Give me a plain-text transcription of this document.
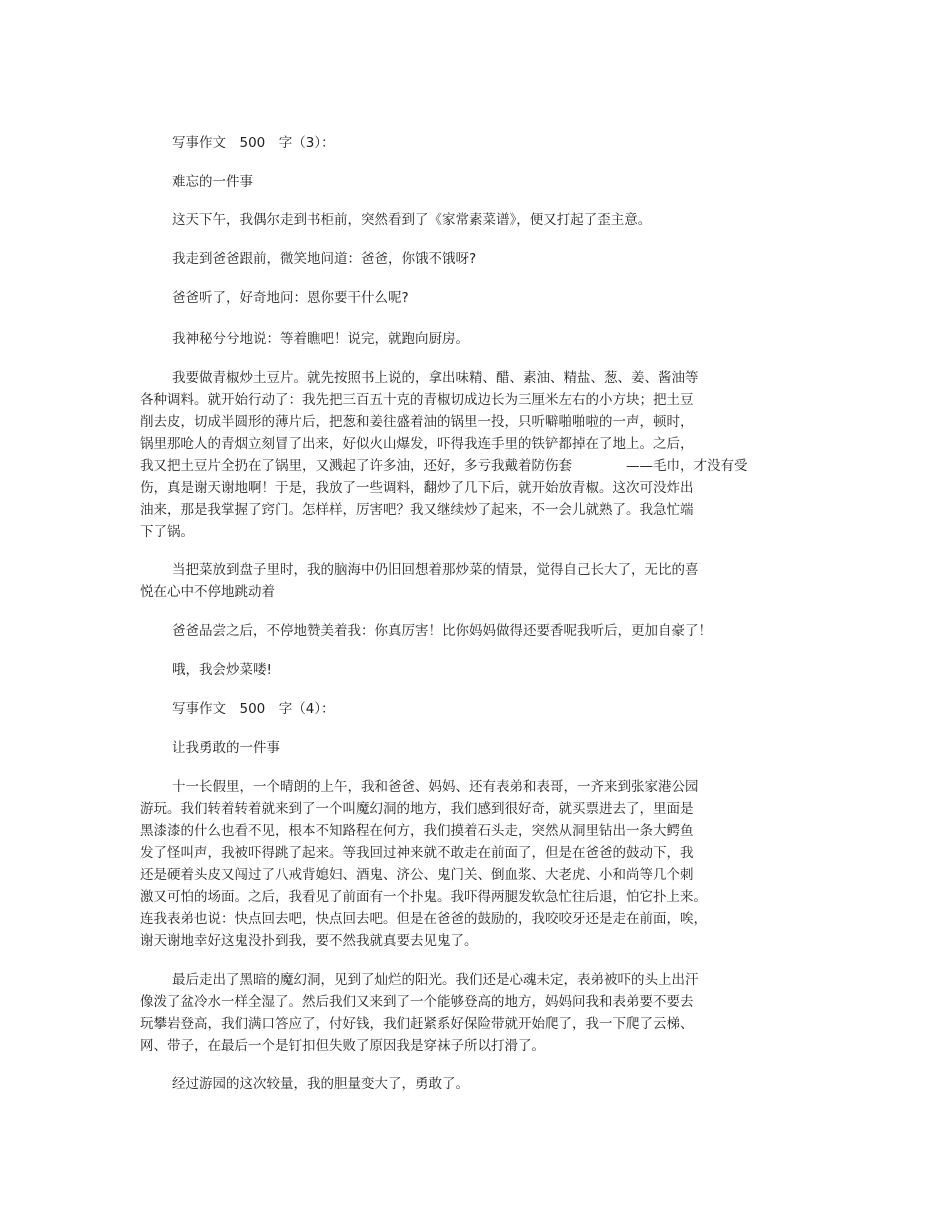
写事作文　500　字（3）：
难忘的一件事
这天下午，我偶尔走到书柜前，突然看到了《家常素菜谱》，便又打起了歪主意。
我走到爸爸跟前，微笑地问道：爸爸，你饿不饿呀?
爸爸听了，好奇地问：恩你要干什么呢?
我神秘兮兮地说：等着瞧吧！说完，就跑向厨房。
我要做青椒炒土豆片。就先按照书上说的，拿出味精、醋、素油、精盐、葱、姜、酱油等
各种调料。就开始行动了：我先把三百五十克的青椒切成边长为三厘米左右的小方块；把土豆
削去皮，切成半圆形的薄片后，把葱和姜往盛着油的锅里一投，只听噼啪啪啦的一声，顿时，
锅里那呛人的青烟立刻冒了出来，好似火山爆发，吓得我连手里的铁铲都掉在了地上。之后，
我又把土豆片全扔在了锅里，又溅起了许多油，还好，多亏我戴着防伤套　　　　——毛巾，才没有受
伤，真是谢天谢地啊！于是，我放了一些调料，翻炒了几下后，就开始放青椒。这次可没炸出
油来，那是我掌握了窍门。怎样样，厉害吧？我又继续炒了起来，不一会儿就熟了。我急忙端
下了锅。
当把菜放到盘子里时，我的脑海中仍旧回想着那炒菜的情景，觉得自己长大了，无比的喜
悦在心中不停地跳动着
爸爸品尝之后，不停地赞美着我：你真厉害！比你妈妈做得还要香呢我听后，更加自豪了！
哦，我会炒菜喽!
写事作文　500　字（4）：
让我勇敢的一件事
十一长假里，一个晴朗的上午，我和爸爸、妈妈、还有表弟和表哥，一齐来到张家港公园
游玩。我们转着转着就来到了一个叫魔幻洞的地方，我们感到很好奇，就买票进去了，里面是
黑漆漆的什么也看不见，根本不知路程在何方，我们摸着石头走，突然从洞里钻出一条大鳄鱼
发了怪叫声，我被吓得跳了起来。等我回过神来就不敢走在前面了，但是在爸爸的鼓动下，我
还是硬着头皮又闯过了八戒背媳妇、酒鬼、济公、鬼门关、倒血浆、大老虎、小和尚等几个刺
激又可怕的场面。之后，我看见了前面有一个扑鬼。我吓得两腿发软急忙往后退，怕它扑上来。
连我表弟也说：快点回去吧，快点回去吧。但是在爸爸的鼓励的，我咬咬牙还是走在前面，唉，
谢天谢地幸好这鬼没扑到我，要不然我就真要去见鬼了。
最后走出了黑暗的魔幻洞，见到了灿烂的阳光。我们还是心魂未定，表弟被吓的头上出汗
像泼了盆冷水一样全湿了。然后我们又来到了一个能够登高的地方，妈妈问我和表弟要不要去
玩攀岩登高，我们满口答应了，付好钱，我们赶紧系好保险带就开始爬了，我一下爬了云梯、
网、带子，在最后一个是钉扣但失败了原因我是穿袜子所以打滑了。
经过游园的这次较量，我的胆量变大了，勇敢了。
